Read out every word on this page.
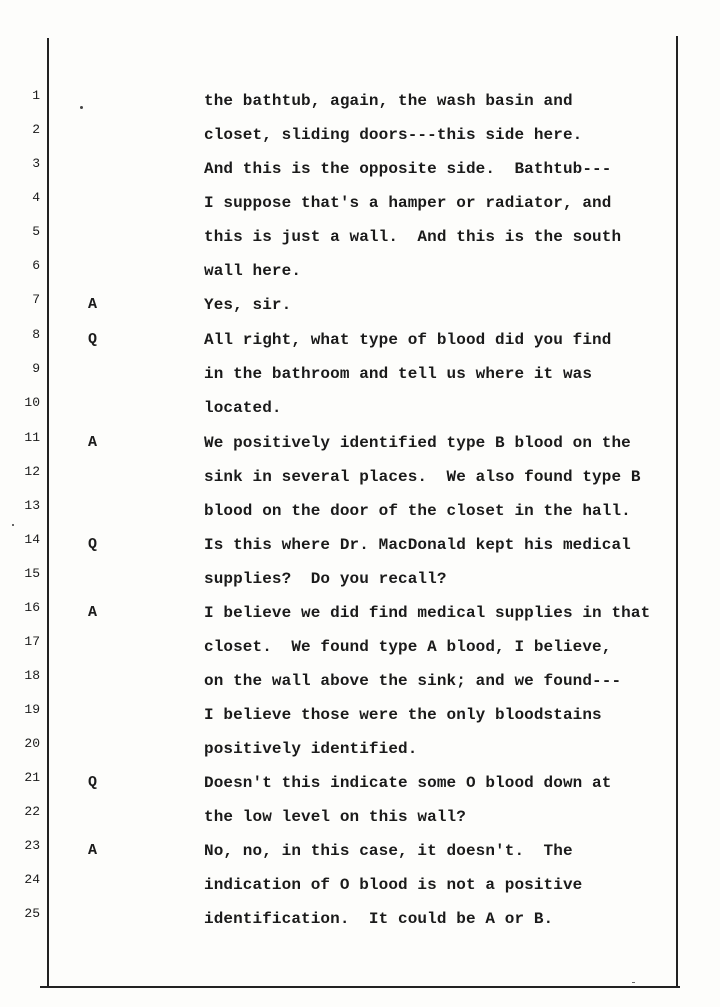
1	the bathtub, again, the wash basin and
2	closet, sliding doors---this side here.
3	And this is the opposite side.  Bathtub---
4	I suppose that's a hamper or radiator, and
5	this is just a wall.  And this is the south
6	wall here.
7	A	Yes, sir.
8	Q	All right, what type of blood did you find
9	in the bathroom and tell us where it was
10	located.
11	A	We positively identified type B blood on the
12	sink in several places.  We also found type B
13	blood on the door of the closet in the hall.
14	Q	Is this where Dr. MacDonald kept his medical
15	supplies?  Do you recall?
16	A	I believe we did find medical supplies in that
17	closet.  We found type A blood, I believe,
18	on the wall above the sink; and we found---
19	I believe those were the only bloodstains
20	positively identified.
21	Q	Doesn't this indicate some O blood down at
22	the low level on this wall?
23	A	No, no, in this case, it doesn't.  The
24	indication of O blood is not a positive
25	identification.  It could be A or B.
